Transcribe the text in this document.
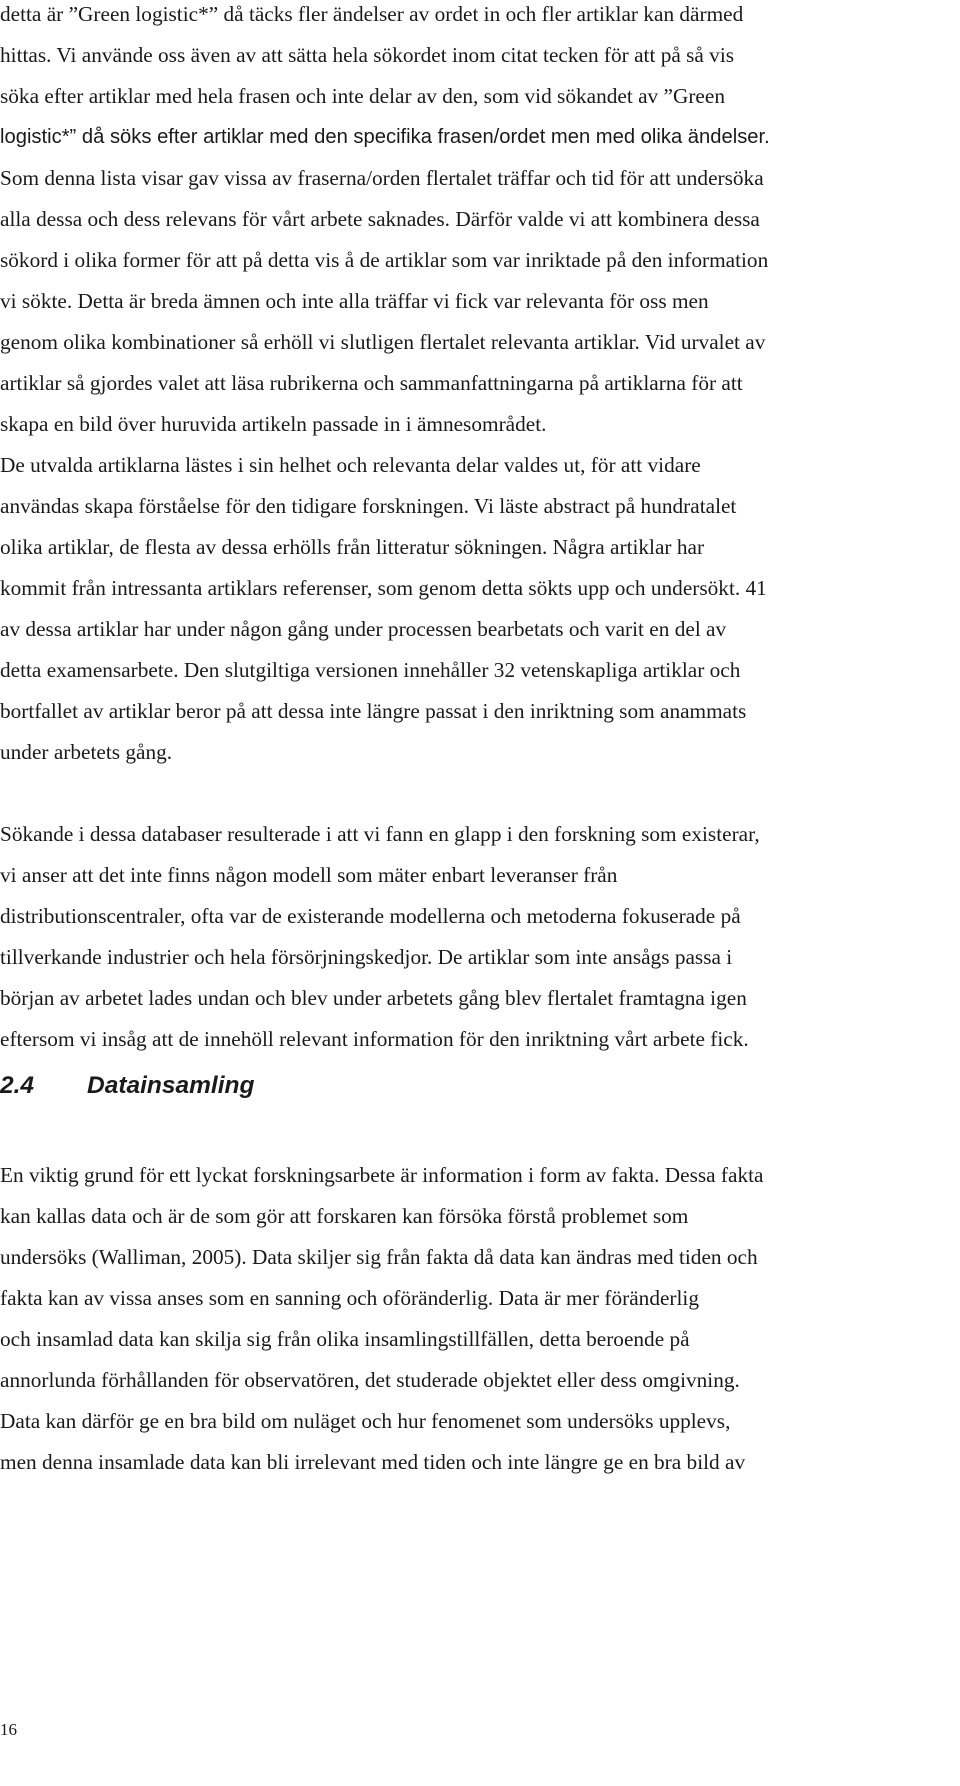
detta är ”Green logistic*” då täcks fler ändelser av ordet in och fler artiklar kan därmed
hittas. Vi använde oss även av att sätta hela sökordet inom citat tecken för att på så vis
söka efter artiklar med hela frasen och inte delar av den, som vid sökandet av ”Green
logistic*” då söks efter artiklar med den specifika frasen/ordet men med olika ändelser.
Som denna lista visar gav vissa av fraserna/orden flertalet träffar och tid för att undersöka
alla dessa och dess relevans för vårt arbete saknades. Därför valde vi att kombinera dessa
sökord i olika former för att på detta vis å de artiklar som var inriktade på den information
vi sökte. Detta är breda ämnen och inte alla träffar vi fick var relevanta för oss men
genom olika kombinationer så erhöll vi slutligen flertalet relevanta artiklar. Vid urvalet av
artiklar så gjordes valet att läsa rubrikerna och sammanfattningarna på artiklarna för att
skapa en bild över huruvida artikeln passade in i ämnesområdet.
De utvalda artiklarna lästes i sin helhet och relevanta delar valdes ut, för att vidare
användas skapa förståelse för den tidigare forskningen. Vi läste abstract på hundratalet
olika artiklar, de flesta av dessa erhölls från litteratur sökningen. Några artiklar har
kommit från intressanta artiklars referenser, som genom detta sökts upp och undersökt. 41
av dessa artiklar har under någon gång under processen bearbetats och varit en del av
detta examensarbete. Den slutgiltiga versionen innehåller 32 vetenskapliga artiklar och
bortfallet av artiklar beror på att dessa inte längre passat i den inriktning som anammats
under arbetets gång.
Sökande i dessa databaser resulterade i att vi fann en glapp i den forskning som existerar,
vi anser att det inte finns någon modell som mäter enbart leveranser från
distributionscentraler, ofta var de existerande modellerna och metoderna fokuserade på
tillverkande industrier och hela försörjningskedjor. De artiklar som inte ansågs passa i
början av arbetet lades undan och blev under arbetets gång blev flertalet framtagna igen
eftersom vi insåg att de innehöll relevant information för den inriktning vårt arbete fick.
2.4 Datainsamling
En viktig grund för ett lyckat forskningsarbete är information i form av fakta. Dessa fakta
kan kallas data och är de som gör att forskaren kan försöka förstå problemet som
undersöks (Walliman, 2005). Data skiljer sig från fakta då data kan ändras med tiden och
fakta kan av vissa anses som en sanning och oföränderlig. Data är mer föränderlig
och insamlad data kan skilja sig från olika insamlingstillfällen, detta beroende på
annorlunda förhållanden för observatören, det studerade objektet eller dess omgivning.
Data kan därför ge en bra bild om nuläget och hur fenomenet som undersöks upplevs,
men denna insamlade data kan bli irrelevant med tiden och inte längre ge en bra bild av
16
